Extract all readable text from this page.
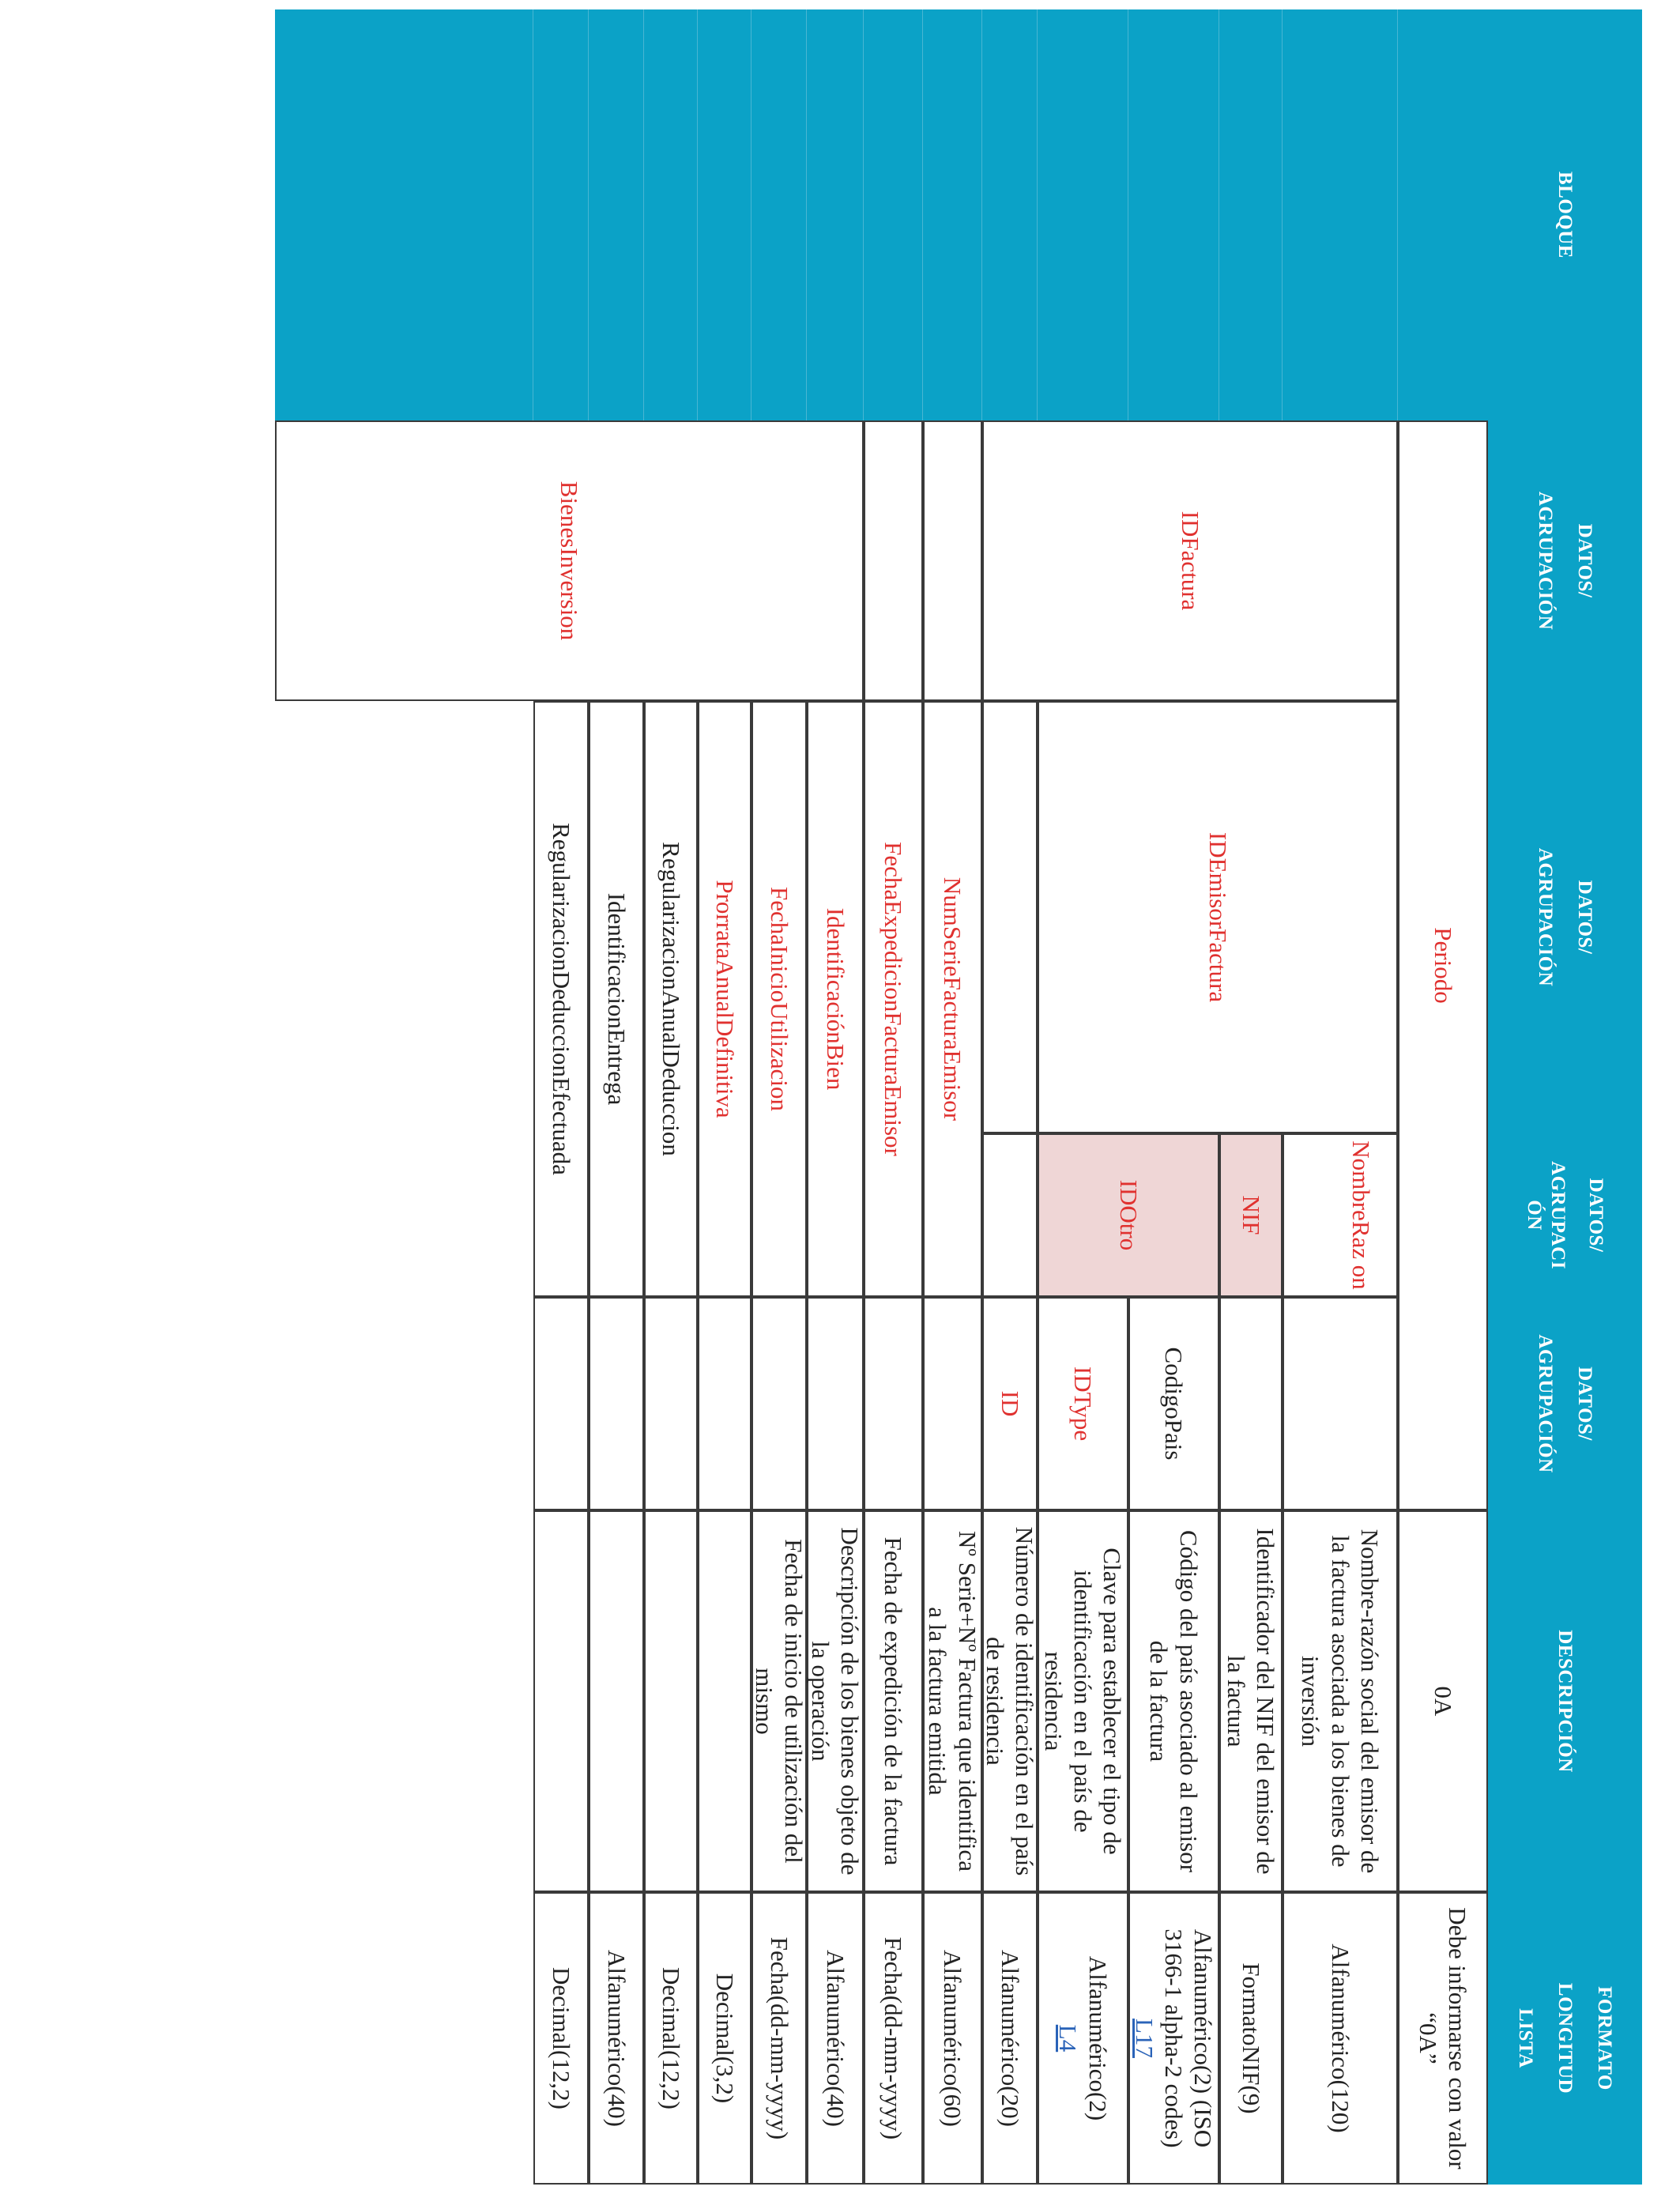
BLOQUE
DATOS/
AGRUPACIÓN
DATOS/
AGRUPACIÓN
DATOS/
AGRUPACI
ÓN
DATOS/
AGRUPACIÓN
DESCRIPCIÓN
FORMATO
LONGITUD
LISTA
Periodo
0A
Debe informarse con valor “0A”
IDFactura
IDEmisorFactura
NombreRaz on
Nombre-razón social del emisor de la factura asociada a los bienes de inversión
Alfanumérico(120)
NIF
Identificador del NIF del emisor de la factura
FormatoNIF(9)
IDOtro
CodigoPais
Código del país asociado al emisor de la factura
Alfanumérico(2) (ISO 3166-1 alpha-2 codes)
L17
IDType
Clave para establecer el tipo de identificación en el país de residencia
Alfanumérico(2)
L4
ID
Número de identificación en el país de residencia
Alfanumérico(20)
NumSerieFacturaEmisor
Nº Serie+Nº Factura que identifica a la factura emitida
Alfanumérico(60)
FechaExpedicionFacturaEmisor
Fecha de expedición de la factura
Fecha(dd-mm-yyyy)
BienesInversion
IdentificaciónBien
Descripción de los bienes objeto de la operación
Alfanumérico(40)
FechaInicioUtilizacion
Fecha de inicio de utilización del mismo
Fecha(dd-mm-yyyy)
ProrrataAnualDefinitiva
Decimal(3,2)
RegularizacionAnualDeduccion
Decimal(12,2)
IdentificacionEntrega
Alfanumérico(40)
RegularizacionDeduccionEfectuada
Decimal(12,2)
